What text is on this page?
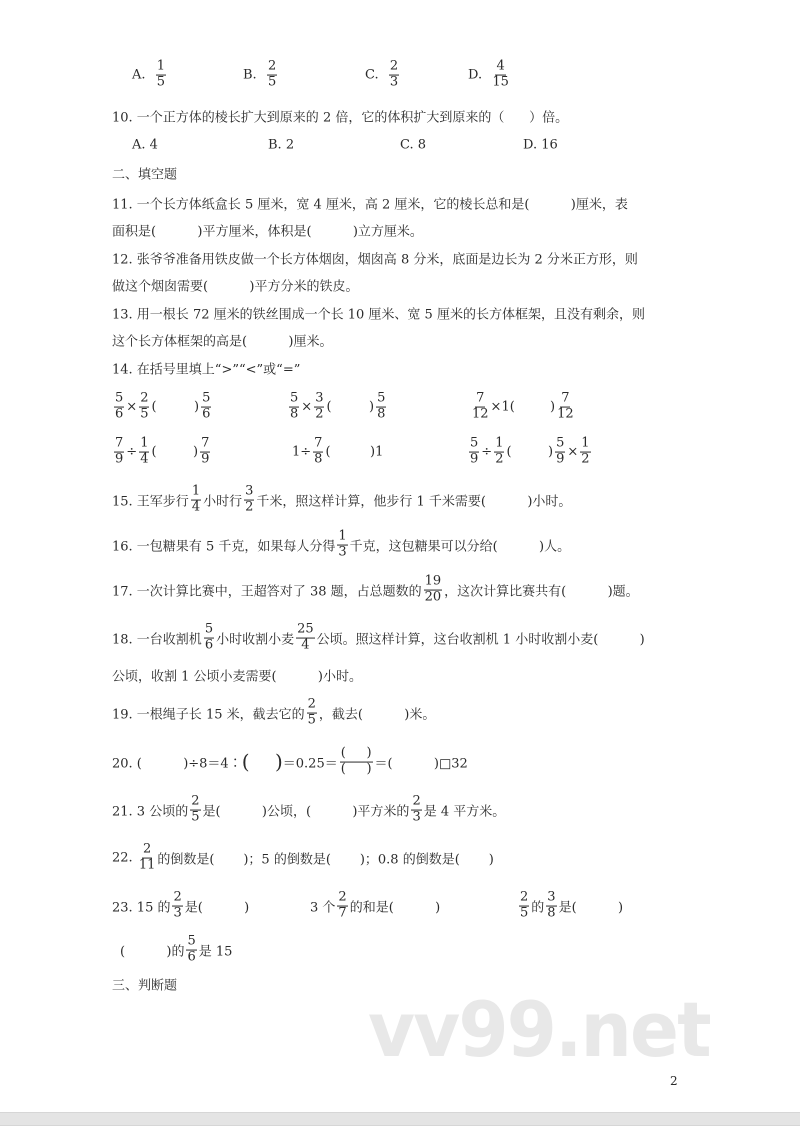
vv99.net
2
A. $\frac{1}{5}$	B. $\frac{2}{5}$	C. $\frac{2}{3}$	D. $\frac{4}{15}$
10. 一个正方体的棱长扩大到原来的 2 倍，它的体积扩大到原来的（      ）倍。
A. 4	B. 2	C. 8	D. 16
二、填空题
11. 一个长方体纸盒长 5 厘米，宽 4 厘米，高 2 厘米，它的棱长总和是(          )厘米，表
面积是(          )平方厘米，体积是(          )立方厘米。
12. 张爷爷准备用铁皮做一个长方体烟囱，烟囱高 8 分米，底面是边长为 2 分米正方形，则
做这个烟囱需要(          )平方分米的铁皮。
13. 用一根长 72 厘米的铁丝围成一个长 10 厘米、宽 5 厘米的长方体框架，且没有剩余，则
这个长方体框架的高是(          )厘米。
14. 在括号里填上“>”“<”或“=”
$\frac{5}{6} \times \frac{2}{5}$ (	) $\frac{5}{6}$	$\frac{5}{8} \times \frac{3}{2}$ (	) $\frac{5}{8}$	$\frac{7}{12} \times 1$(	) $\frac{7}{12}$
$\frac{7}{9} \div \frac{1}{4}$ (	) $\frac{7}{9}$	$1\div \frac{7}{8}$ (	)1	$\frac{5}{9} \div \frac{1}{2}$ (	) $\frac{5}{9} \times \frac{1}{2}$
15. 王军步行 $\frac{1}{4}$ 小时行 $\frac{3}{2}$ 千米，照这样计算，他步行 1 千米需要(          )小时。
16. 一包糖果有 5 千克，如果每人分得 $\frac{1}{3}$ 千克，这包糖果可以分给(          )人。
17. 一次计算比赛中，王超答对了 38 题，占总题数的 $\frac{19}{20}$ ，这次计算比赛共有(          )题。
18. 一台收割机 $\frac{5}{6}$ 小时收割小麦 $\frac{25}{4}$ 公顷。照这样计算，这台收割机 1 小时收割小麦(          )
公顷，收割 1 公顷小麦需要(          )小时。
19. 一根绳子长 15 米，截去它的 $\frac{2}{5}$ ，截去(          )米。
20. (          )÷8＝4∶ (    ) $=0.25= \frac{( )}{( )}$ ＝(          )□32
21. 3 公顷的 $\frac{2}{5}$ 是(          )公顷，(          )平方米的 $\frac{2}{3}$ 是 4 平方米。
22. $\frac{2}{11}$ 的倒数是(       )；5 的倒数是(       )；0.8 的倒数是(       )
23. 15 的 $\frac{2}{3}$ 是(          )	3 个 $\frac{2}{7}$ 的和是(          )	$\frac{2}{5}$ 的 $\frac{3}{8}$ 是(          )
(          )的 $\frac{5}{6}$ 是 15
三、判断题
